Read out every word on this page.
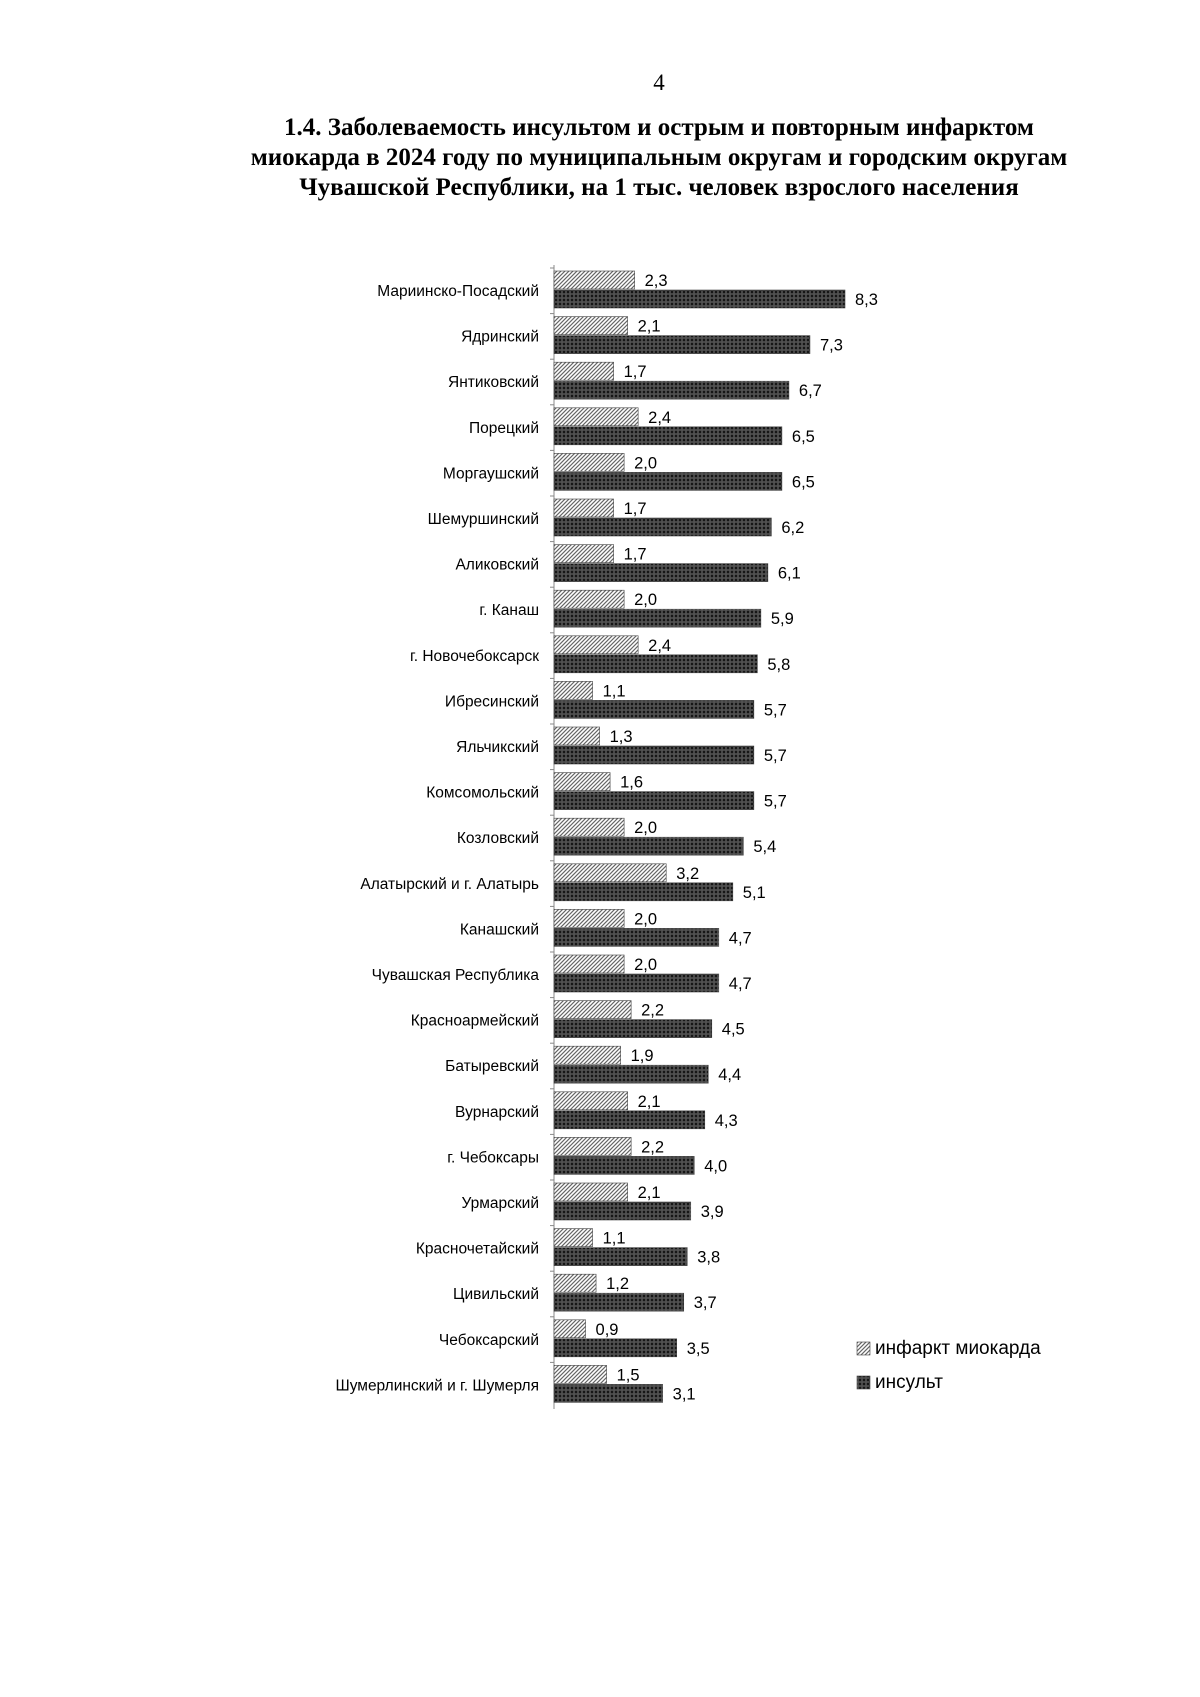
4
1.4. Заболеваемость инсультом и острым и повторным инфарктом
миокарда в 2024 году по муниципальным округам и городским округам
Чувашской Республики, на 1 тыс. человек взрослого населения
Мариинско-Посадский
2,3
8,3
Ядринский
2,1
7,3
Янтиковский
1,7
6,7
Порецкий
2,4
6,5
Моргаушский
2,0
6,5
Шемуршинский
1,7
6,2
Аликовский
1,7
6,1
г. Канаш
2,0
5,9
г. Новочебоксарск
2,4
5,8
Ибресинский
1,1
5,7
Яльчикский
1,3
5,7
Комсомольский
1,6
5,7
Козловский
2,0
5,4
Алатырский и г. Алатырь
3,2
5,1
Канашский
2,0
4,7
Чувашская Республика
2,0
4,7
Красноармейский
2,2
4,5
Батыревский
1,9
4,4
Вурнарский
2,1
4,3
г. Чебоксары
2,2
4,0
Урмарский
2,1
3,9
Красночетайский
1,1
3,8
Цивильский
1,2
3,7
Чебоксарский
0,9
3,5
Шумерлинский и г. Шумерля
1,5
3,1
инфаркт миокарда
инсульт
